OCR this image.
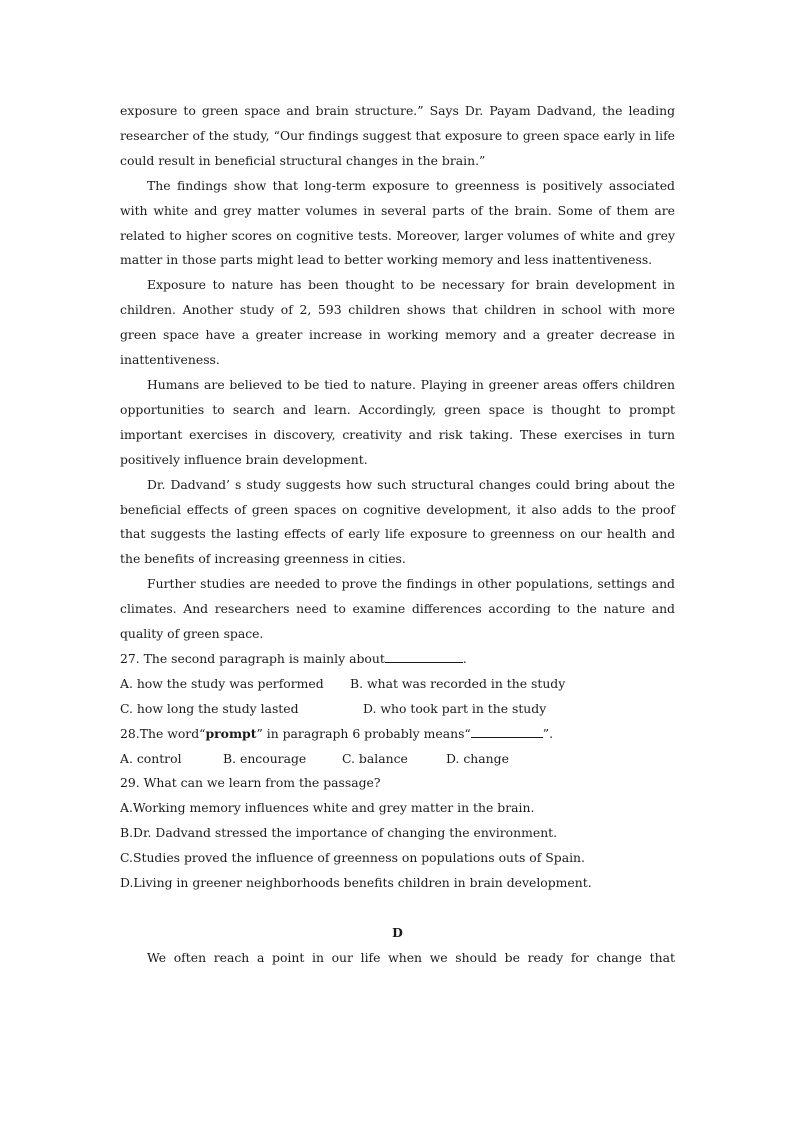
exposure to green space and brain structure.” Says Dr. Payam Dadvand, the leading researcher of the study, “Our findings suggest that exposure to green space early in life could result in beneficial structural changes in the brain.”

The findings show that long-term exposure to greenness is positively associated with white and grey matter volumes in several parts of the brain. Some of them are related to higher scores on cognitive tests. Moreover, larger volumes of white and grey matter in those parts might lead to better working memory and less inattentiveness.

Exposure to nature has been thought to be necessary for brain development in children. Another study of 2, 593 children shows that children in school with more green space have a greater increase in working memory and a greater decrease in inattentiveness.

Humans are believed to be tied to nature. Playing in greener areas offers children opportunities to search and learn. Accordingly, green space is thought to prompt important exercises in discovery, creativity and risk taking. These exercises in turn positively influence brain development.

Dr. Dadvand’ s study suggests how such structural changes could bring about the beneficial effects of green spaces on cognitive development, it also adds to the proof that suggests the lasting effects of early life exposure to greenness on our health and the benefits of increasing greenness in cities.

Further studies are needed to prove the findings in other populations, settings and climates. And researchers need to examine differences according to the nature and quality of green space.

27. The second paragraph is mainly about	.

A. how the study was performed B. what was recorded in the study

C. how long the study lasted	D. who took part in the study

28.The word“prompt” in paragraph 6 probably means“	”.

A. control	B. encourage	C. balance	D. change

29. What can we learn from the passage?

A.Working memory influences white and grey matter in the brain.

B.Dr. Dadvand stressed the importance of changing the environment.

C.Studies proved the influence of greenness on populations outs of Spain.

D.Living in greener neighborhoods benefits children in brain development.

D

We often reach a point in our life when we should be ready for change that
